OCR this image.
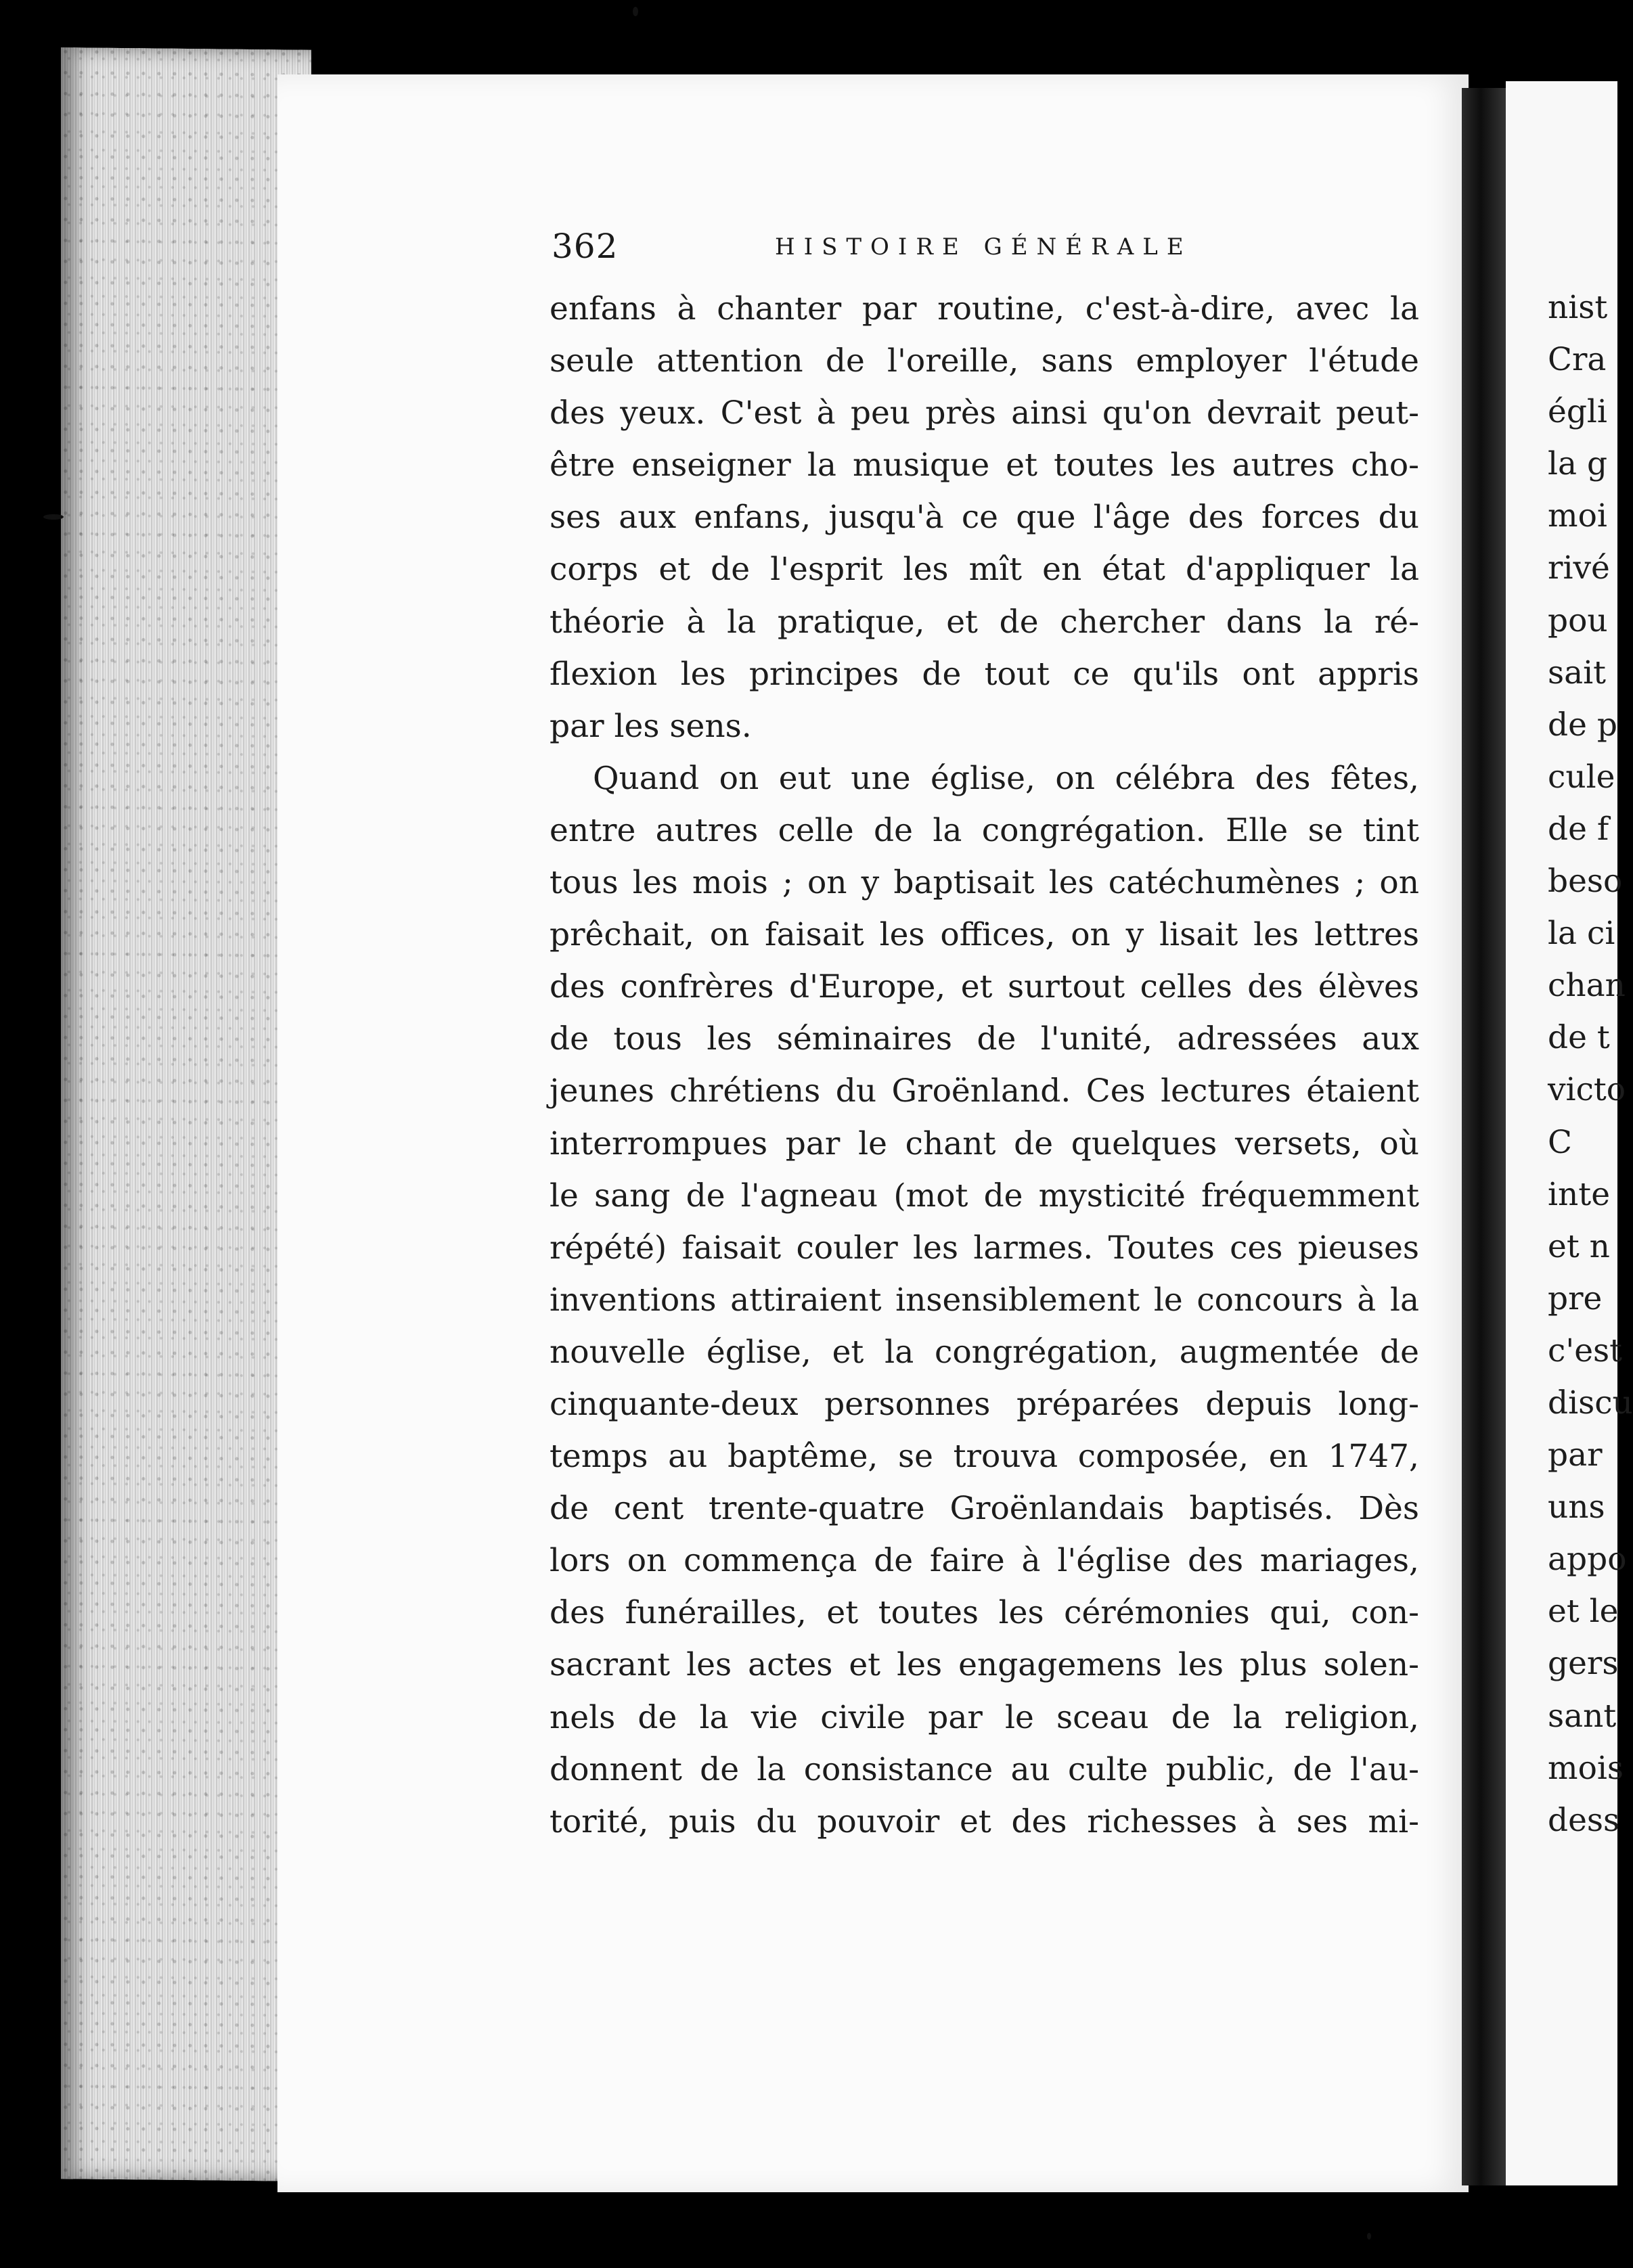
nist
Cra
égli
la g
moi
rivé
pou
sait
de p
cule
de f
beso
la ci
chan
de t
victo
C
inte
et n
pre
c'est
discu
par
uns
appo
et le
gers
sant
mois
dess
362	HISTOIRE GÉNÉRALE
enfans à chanter par routine, c'est-à-dire, avec la
seule attention de l'oreille, sans employer l'étude
des yeux. C'est à peu près ainsi qu'on devrait peut-
être enseigner la musique et toutes les autres cho-
ses aux enfans, jusqu'à ce que l'âge des forces du
corps et de l'esprit les mît en état d'appliquer la
théorie à la pratique, et de chercher dans la ré-
flexion les principes de tout ce qu'ils ont appris
par les sens.
Quand on eut une église, on célébra des fêtes,
entre autres celle de la congrégation. Elle se tint
tous les mois ; on y baptisait les catéchumènes ; on
prêchait, on faisait les offices, on y lisait les lettres
des confrères d'Europe, et surtout celles des élèves
de tous les séminaires de l'unité, adressées aux
jeunes chrétiens du Groënland. Ces lectures étaient
interrompues par le chant de quelques versets, où
le sang de l'agneau (mot de mysticité fréquemment
répété) faisait couler les larmes. Toutes ces pieuses
inventions attiraient insensiblement le concours à la
nouvelle église, et la congrégation, augmentée de
cinquante-deux personnes préparées depuis long-
temps au baptême, se trouva composée, en 1747,
de cent trente-quatre Groënlandais baptisés. Dès
lors on commença de faire à l'église des mariages,
des funérailles, et toutes les cérémonies qui, con-
sacrant les actes et les engagemens les plus solen-
nels de la vie civile par le sceau de la religion,
donnent de la consistance au culte public, de l'au-
torité, puis du pouvoir et des richesses à ses mi-
